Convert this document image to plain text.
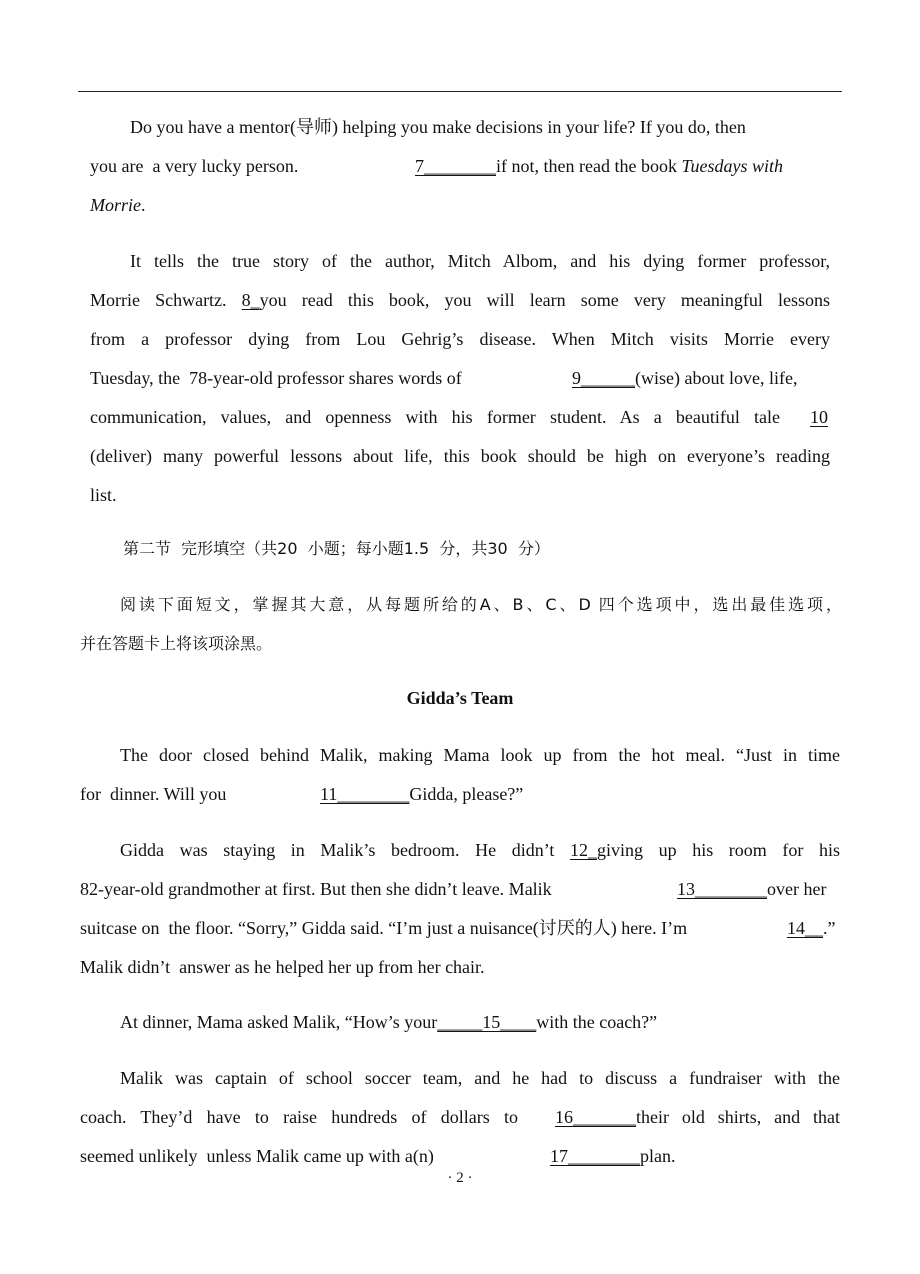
Do you have a mentor(导师) helping you make decisions in your life? If you do, then
you are  a very lucky person.	7________if not, then read the book Tuesdays with
Morrie.
It tells the true story of the author, Mitch Albom, and his dying former professor,
Morrie Schwartz. 8_you read this book, you will learn some very meaningful lessons
from a professor dying from Lou Gehrig’s disease. When Mitch visits Morrie every
Tuesday, the  78-year-old professor shares words of	9______(wise) about love, life,
communication, values, and openness with his former student. As a beautiful tale 10
(deliver) many powerful lessons about life, this book should be high on everyone’s reading
list.
第二节  完形填空（共20  小题；每小题1.5  分，共30  分）
阅读下面短文，掌握其大意，从每题所给的A、B、C、D 四个选项中，选出最佳选项，
并在答题卡上将该项涂黑。
Gidda’s Team
The door closed behind Malik, making Mama look up from the hot meal. “Just in time
for  dinner. Will you	11________Gidda, please?”
Gidda was staying in Malik’s bedroom. He didn’t 12_giving up his room for his
82-year-old grandmother at first. But then she didn’t leave. Malik	13________over her
suitcase on  the floor. “Sorry,” Gidda said. “I’m just a nuisance(讨厌的人) here. I’m	14__.”
Malik didn’t  answer as he helped her up from her chair.
At dinner, Mama asked Malik, “How’s your_____15____with the coach?”
Malik was captain of school soccer team, and he had to discuss a fundraiser with the
coach. They’d have to raise hundreds of dollars to 16_______their old shirts, and that
seemed unlikely  unless Malik came up with a(n)	17________plan.
· 2 ·
